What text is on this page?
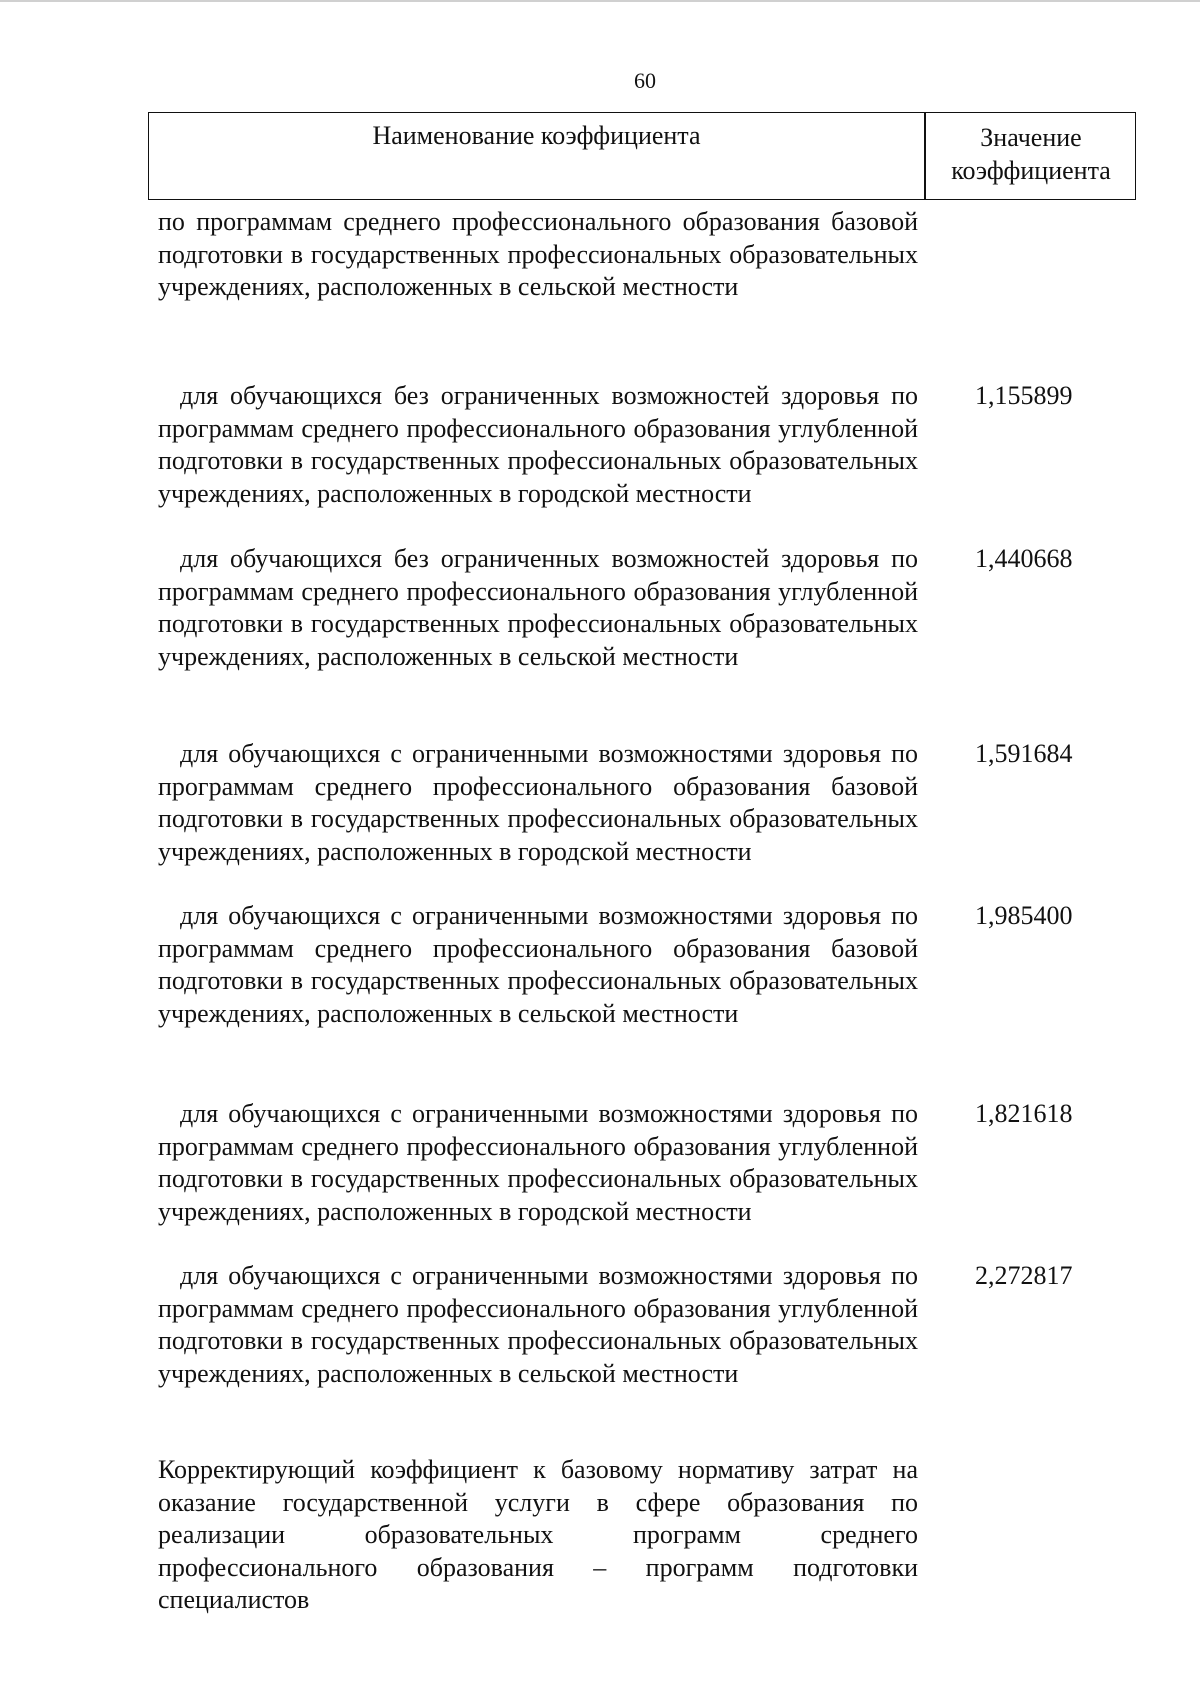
60
Наименование коэффициента	Значение коэффициента
по программам среднего профессионального образования базовой подготовки в государственных профессиональных образовательных учреждениях, расположенных в сельской местности
для обучающихся без ограниченных возможностей здоровья по программам среднего профессионального образования углубленной подготовки в государственных профессиональных образовательных учреждениях, расположенных в городской местности
1,155899
для обучающихся без ограниченных возможностей здоровья по программам среднего профессионального образования углубленной подготовки в государственных профессиональных образовательных учреждениях, расположенных в сельской местности
1,440668
для обучающихся с ограниченными возможностями здоровья по программам среднего профессионального образования базовой подготовки в государственных профессиональных образовательных учреждениях, расположенных в городской местности
1,591684
для обучающихся с ограниченными возможностями здоровья по программам среднего профессионального образования базовой подготовки в государственных профессиональных образовательных учреждениях, расположенных в сельской местности
1,985400
для обучающихся с ограниченными возможностями здоровья по программам среднего профессионального образования углубленной подготовки в государственных профессиональных образовательных учреждениях, расположенных в городской местности
1,821618
для обучающихся с ограниченными возможностями здоровья по программам среднего профессионального образования углубленной подготовки в государственных профессиональных образовательных учреждениях, расположенных в сельской местности
2,272817
Корректирующий коэффициент к базовому нормативу затрат на оказание государственной услуги в сфере образования по реализации образовательных программ среднего профессионального образования – программ подготовки специалистов
